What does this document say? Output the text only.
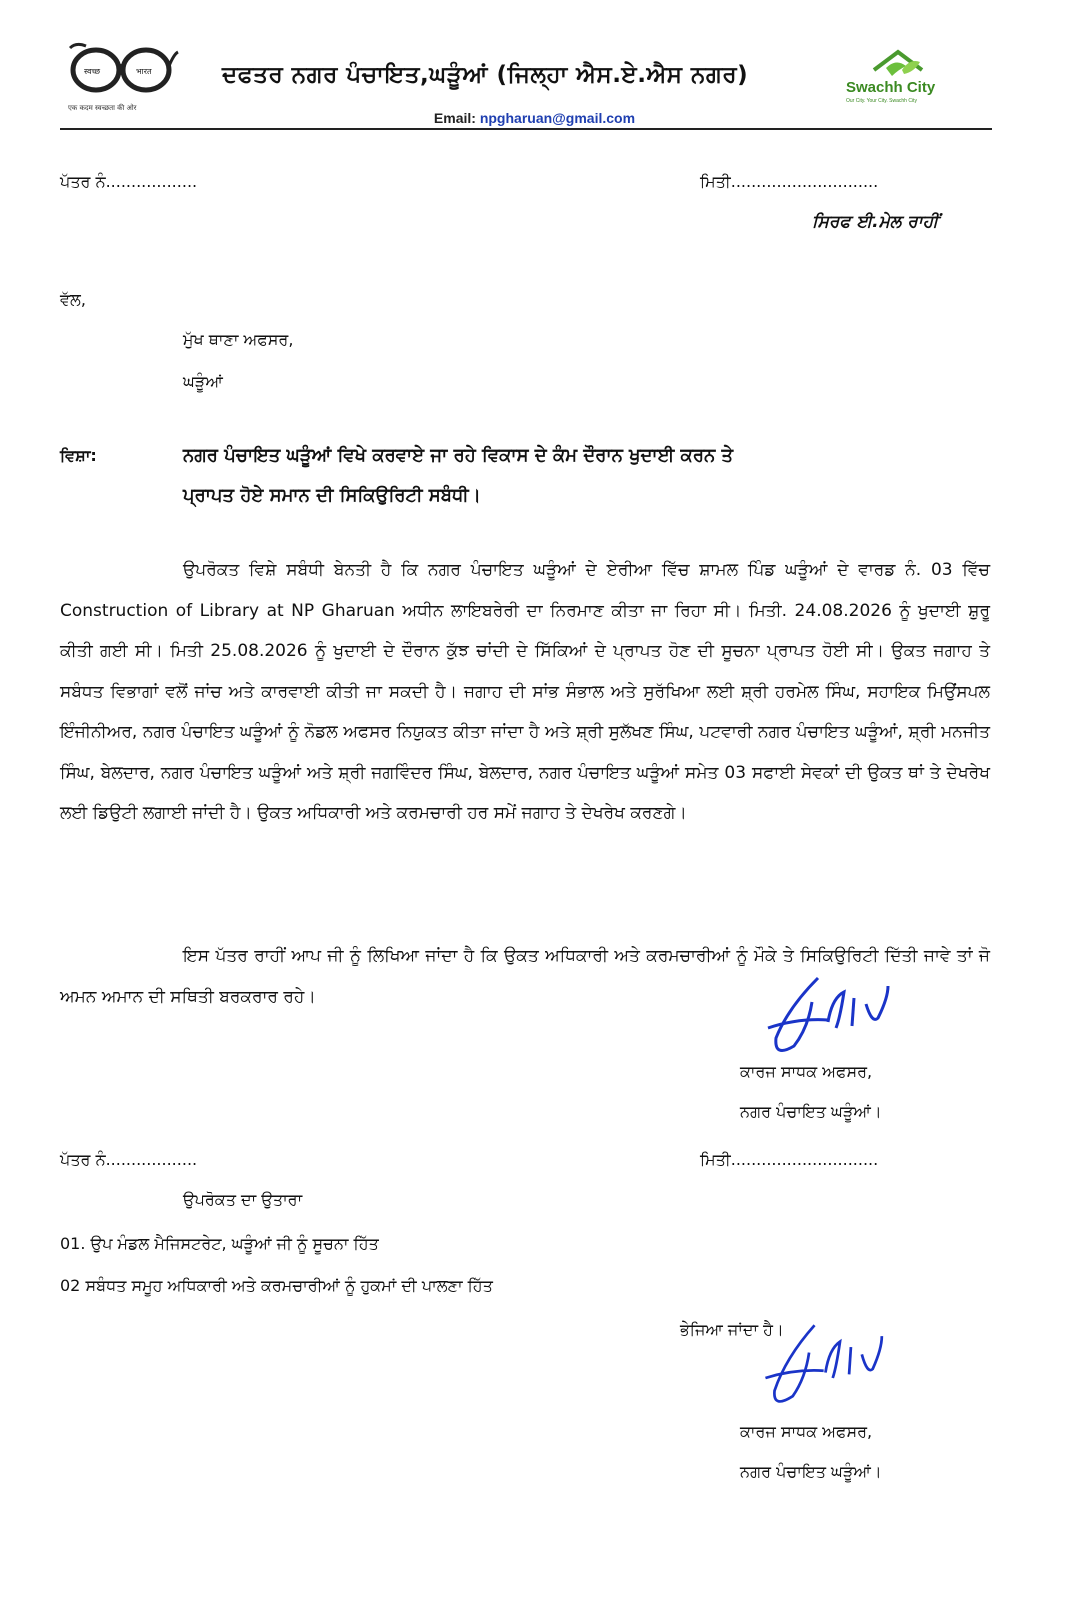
स्वच्छ	भारत
एक कदम स्वच्छता की ओर
ਦਫਤਰ ਨਗਰ ਪੰਚਾਇਤ,ਘੜੂੰਆਂ (ਜਿਲ੍ਹਾ ਐਸ.ਏ.ਐਸ ਨਗਰ)	Swachh City
Our City. Your City. Swachh City
Email: npgharuan@gmail.com
ਪੱਤਰ ਨੰ..................	ਮਿਤੀ.............................
ਸਿਰਫ ਈ.ਮੇਲ ਰਾਹੀਂ
ਵੱਲ,
ਮੁੱਖ ਥਾਣਾ ਅਫਸਰ,
ਘੜੂੰਆਂ
ਵਿਸ਼ਾ:	ਨਗਰ ਪੰਚਾਇਤ ਘੜੂੰਆਂ ਵਿਖੇ ਕਰਵਾਏ ਜਾ ਰਹੇ ਵਿਕਾਸ ਦੇ ਕੰਮ ਦੌਰਾਨ ਖੁਦਾਈ ਕਰਨ ਤੇ
ਪ੍ਰਾਪਤ ਹੋਏ ਸਮਾਨ ਦੀ ਸਿਕਿਉਰਿਟੀ ਸਬੰਧੀ।
ਉਪਰੋਕਤ ਵਿਸ਼ੇ ਸਬੰਧੀ ਬੇਨਤੀ ਹੈ ਕਿ ਨਗਰ ਪੰਚਾਇਤ ਘੜੂੰਆਂ ਦੇ ਏਰੀਆ ਵਿੱਚ ਸ਼ਾਮਲ ਪਿੰਡ ਘੜੂੰਆਂ ਦੇ ਵਾਰਡ ਨੰ. 03 ਵਿੱਚ Construction of Library at NP Gharuan ਅਧੀਨ ਲਾਇਬਰੇਰੀ ਦਾ ਨਿਰਮਾਣ ਕੀਤਾ ਜਾ ਰਿਹਾ ਸੀ। ਮਿਤੀ. 24.08.2026 ਨੂੰ ਖੁਦਾਈ ਸ਼ੁਰੂ ਕੀਤੀ ਗਈ ਸੀ। ਮਿਤੀ 25.08.2026 ਨੂੰ ਖੁਦਾਈ ਦੇ ਦੌਰਾਨ ਕੁੱਝ ਚਾਂਦੀ ਦੇ ਸਿੱਕਿਆਂ ਦੇ ਪ੍ਰਾਪਤ ਹੋਣ ਦੀ ਸੂਚਨਾ ਪ੍ਰਾਪਤ ਹੋਈ ਸੀ। ਉਕਤ ਜਗਾਹ ਤੇ ਸਬੰਧਤ ਵਿਭਾਗਾਂ ਵਲੋਂ ਜਾਂਚ ਅਤੇ ਕਾਰਵਾਈ ਕੀਤੀ ਜਾ ਸਕਦੀ ਹੈ। ਜਗਾਹ ਦੀ ਸਾਂਭ ਸੰਭਾਲ ਅਤੇ ਸੁਰੱਖਿਆ ਲਈ ਸ਼੍ਰੀ ਹਰਮੇਲ ਸਿੰਘ, ਸਹਾਇਕ ਮਿਉਂਸਪਲ ਇੰਜੀਨੀਅਰ, ਨਗਰ ਪੰਚਾਇਤ ਘੜੂੰਆਂ ਨੂੰ ਨੋਡਲ ਅਫਸਰ ਨਿਯੁਕਤ ਕੀਤਾ ਜਾਂਦਾ ਹੈ ਅਤੇ ਸ਼੍ਰੀ ਸੁਲੱਖਣ ਸਿੰਘ, ਪਟਵਾਰੀ ਨਗਰ ਪੰਚਾਇਤ ਘੜੂੰਆਂ, ਸ਼੍ਰੀ ਮਨਜੀਤ ਸਿੰਘ, ਬੇਲਦਾਰ, ਨਗਰ ਪੰਚਾਇਤ ਘੜੂੰਆਂ ਅਤੇ ਸ਼੍ਰੀ ਜਗਵਿੰਦਰ ਸਿੰਘ, ਬੇਲਦਾਰ, ਨਗਰ ਪੰਚਾਇਤ ਘੜੂੰਆਂ ਸਮੇਤ 03 ਸਫਾਈ ਸੇਵਕਾਂ ਦੀ ਉਕਤ ਥਾਂ ਤੇ ਦੇਖਰੇਖ ਲਈ ਡਿਉਟੀ ਲਗਾਈ ਜਾਂਦੀ ਹੈ। ਉਕਤ ਅਧਿਕਾਰੀ ਅਤੇ ਕਰਮਚਾਰੀ ਹਰ ਸਮੇਂ ਜਗਾਹ ਤੇ ਦੇਖਰੇਖ ਕਰਣਗੇ।
ਇਸ ਪੱਤਰ ਰਾਹੀਂ ਆਪ ਜੀ ਨੂੰ ਲਿਖਿਆ ਜਾਂਦਾ ਹੈ ਕਿ ਉਕਤ ਅਧਿਕਾਰੀ ਅਤੇ ਕਰਮਚਾਰੀਆਂ ਨੂੰ ਮੌਕੇ ਤੇ ਸਿਕਿਉਰਿਟੀ ਦਿੱਤੀ ਜਾਵੇ ਤਾਂ ਜੋ ਅਮਨ ਅਮਾਨ ਦੀ ਸਥਿਤੀ ਬਰਕਰਾਰ ਰਹੇ।
ਕਾਰਜ ਸਾਧਕ ਅਫਸਰ,
ਨਗਰ ਪੰਚਾਇਤ ਘੜੂੰਆਂ।
ਪੱਤਰ ਨੰ..................	ਮਿਤੀ.............................
ਉਪਰੋਕਤ ਦਾ ਉਤਾਰਾ
01. ਉਪ ਮੰਡਲ ਮੈਜਿਸਟਰੇਟ, ਘੜੂੰਆਂ ਜੀ ਨੂੰ ਸੂਚਨਾ ਹਿੱਤ
02 ਸਬੰਧਤ ਸਮੂਹ ਅਧਿਕਾਰੀ ਅਤੇ ਕਰਮਚਾਰੀਆਂ ਨੂੰ ਹੁਕਮਾਂ ਦੀ ਪਾਲਣਾ ਹਿੱਤ
ਭੇਜਿਆ ਜਾਂਦਾ ਹੈ।
ਕਾਰਜ ਸਾਧਕ ਅਫਸਰ,
ਨਗਰ ਪੰਚਾਇਤ ਘੜੂੰਆਂ।
